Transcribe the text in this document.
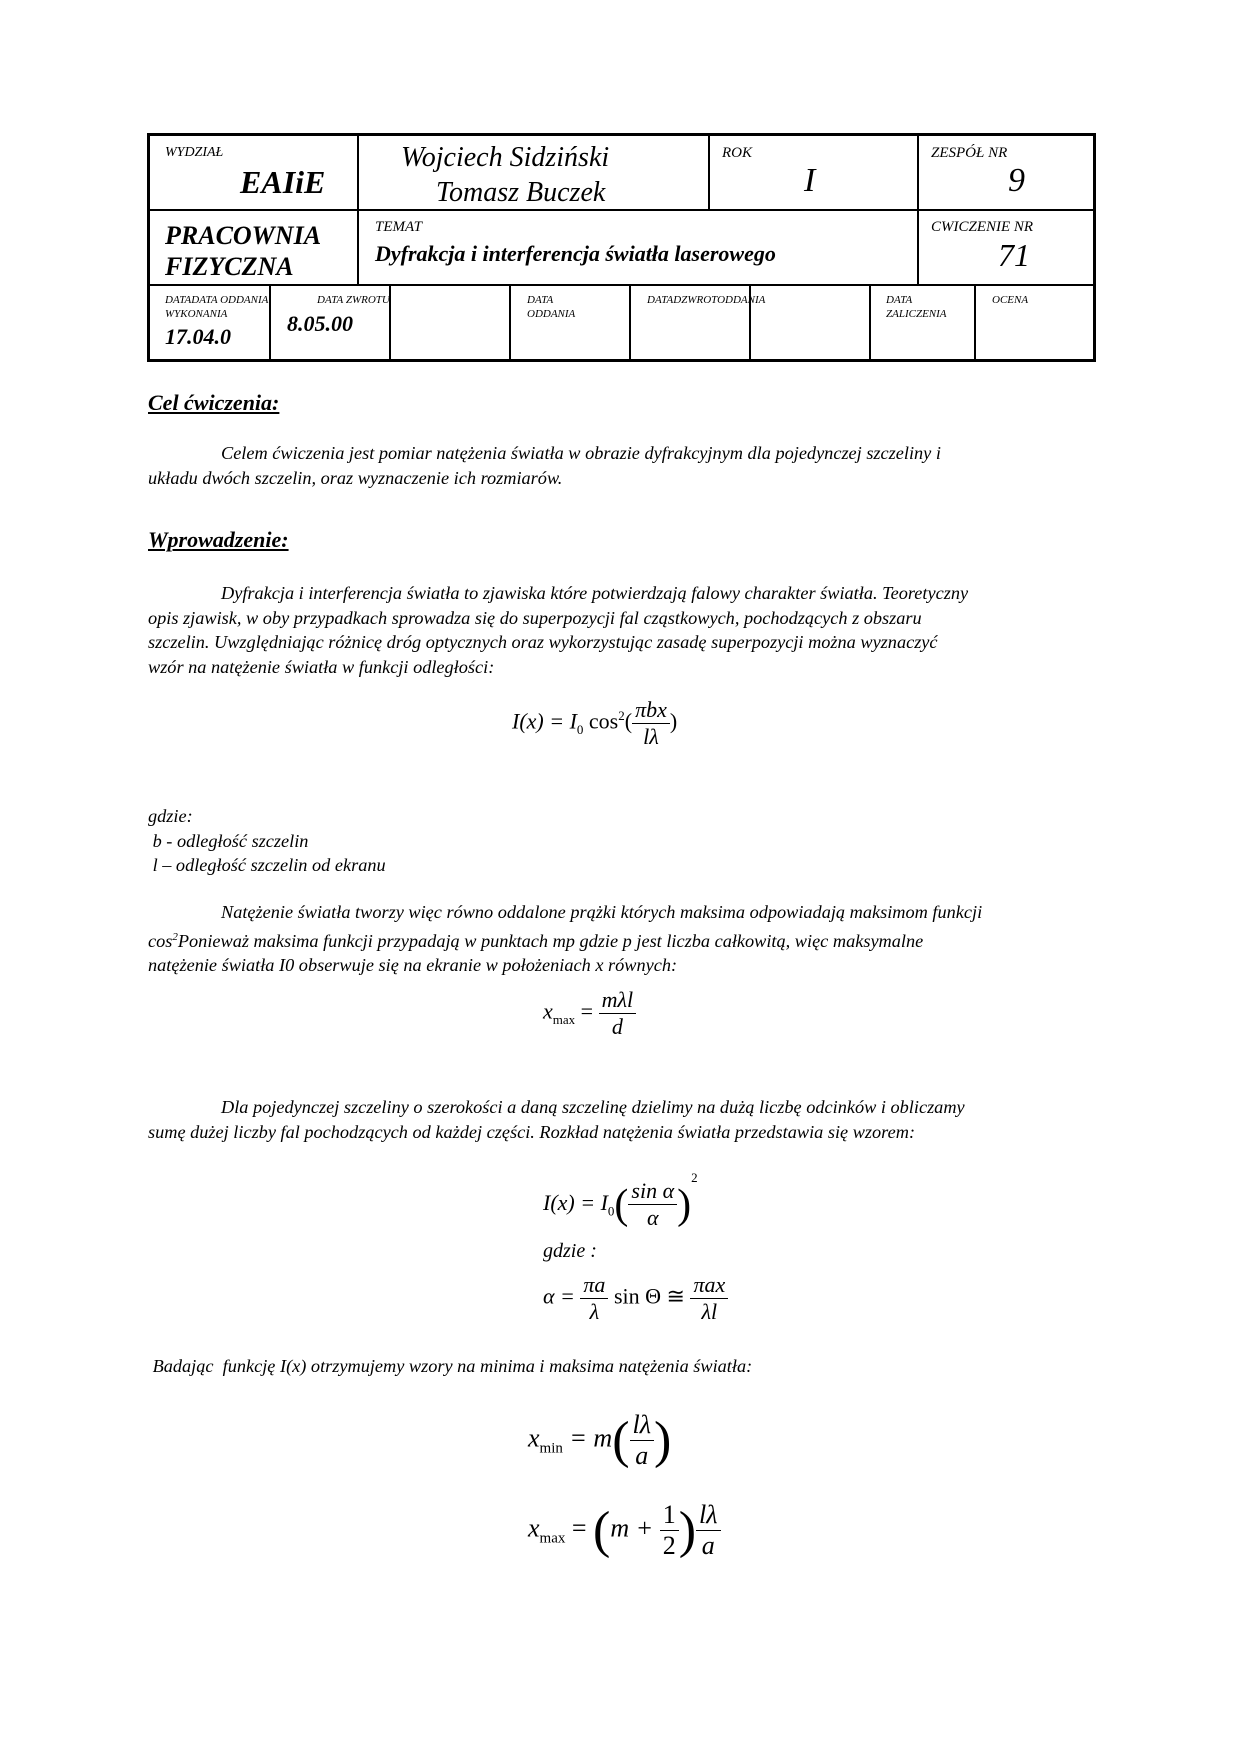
WYDZIAŁ
EAIiE
Wojciech Sidziński
Tomasz Buczek
ROK
I
ZESPÓŁ NR
9
PRACOWNIA
FIZYCZNA
TEMAT
Dyfrakcja i interferencja światła laserowego
CWICZENIE NR
71
DATADATA ODDANIA
WYKONANIA
17.04.0
DATA ZWROTU
8.05.00
DATA
ODDANIA
DATADZWROTODDANIA	DATA
ZALICZENIA
OCENA
Cel ćwiczenia:

Celem ćwiczenia jest pomiar natężenia światła w obrazie dyfrakcyjnym dla pojedynczej szczeliny i
układu dwóch szczelin, oraz wyznaczenie ich rozmiarów.

Wprowadzenie:

Dyfrakcja i interferencja światła to zjawiska które potwierdzają falowy charakter światła. Teoretyczny
opis zjawisk, w oby przypadkach sprowadza się do superpozycji fal cząstkowych, pochodzących z obszaru
szczelin. Uwzględniając różnicę dróg optycznych oraz wykorzystując zasadę superpozycji można wyznaczyć
wzór na natężenie światła w funkcji odległości:

$I(x) = I_0$ $\cos^2( \frac{\text{πbx}}{l\lambda}$ )
gdzie:
b - odległość szczelin
l – odległość szczelin od ekranu

Natężenie światła tworzy więc równo oddalone prążki których maksima odpowiadają maksimom funkcji
$\cos^2Ponieważ$ maksima funkcji przypadają w punktach mp gdzie p jest liczba całkowitą, więc maksymalne
natężenie światła I0 obserwuje się na ekranie w położeniach x równych:

$x_{max} = \frac{\text{mλl}}{d}$

Dla pojedynczej szczeliny o szerokości a daną szczelinę dzielimy na dużą liczbę odcinków i obliczamy
sumę dużej liczby fal pochodzących od każdej części. Rozkład natężenia światła przedstawia się wzorem:

$I(x) = I_0( \frac{\text{sin α}}{\alpha} )^2$
gdzie :
$\alpha = \frac{\pi a}{\lambda}$ sin Θ ≅ $\frac{\text{πax}}{\lambda l}$

Badając  funkcję I(x) otrzymujemy wzory na minima i maksima natężenia światła:

$x_{min} = m( \frac{l\lambda}{a}$ )
$x_{max} = (m + \frac{1}{2}$ ) $\frac{l\lambda}{a}$
